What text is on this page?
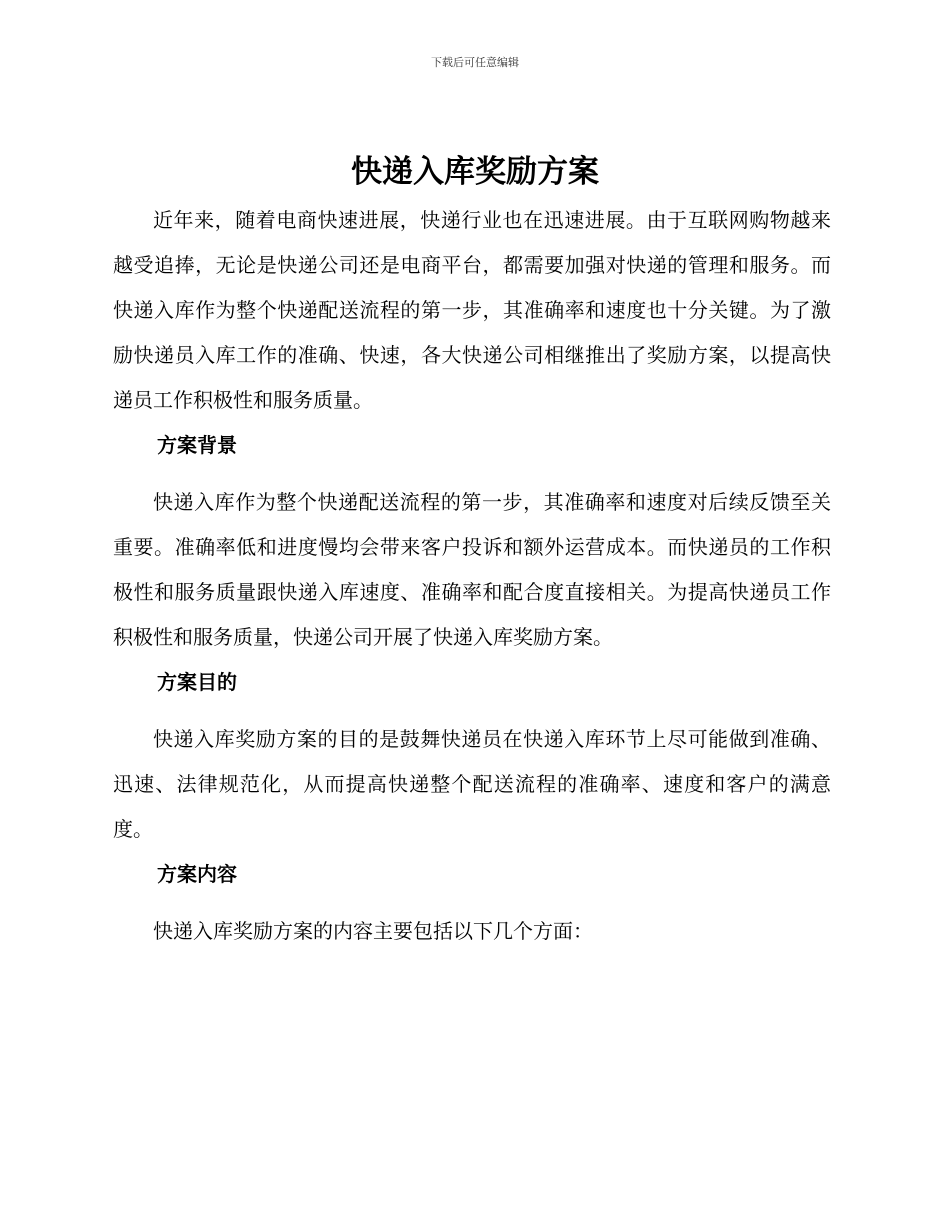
下载后可任意编辑
快递入库奖励方案

近年来，随着电商快速进展，快递行业也在迅速进展。由于互联网购物越来越受追捧，无论是快递公司还是电商平台，都需要加强对快递的管理和服务。而快递入库作为整个快递配送流程的第一步，其准确率和速度也十分关键。为了激励快递员入库工作的准确、快速，各大快递公司相继推出了奖励方案，以提高快递员工作积极性和服务质量。

方案背景

快递入库作为整个快递配送流程的第一步，其准确率和速度对后续反馈至关重要。准确率低和进度慢均会带来客户投诉和额外运营成本。而快递员的工作积极性和服务质量跟快递入库速度、准确率和配合度直接相关。为提高快递员工作积极性和服务质量，快递公司开展了快递入库奖励方案。

方案目的

快递入库奖励方案的目的是鼓舞快递员在快递入库环节上尽可能做到准确、迅速、法律规范化，从而提高快递整个配送流程的准确率、速度和客户的满意度。

方案内容

快递入库奖励方案的内容主要包括以下几个方面：
